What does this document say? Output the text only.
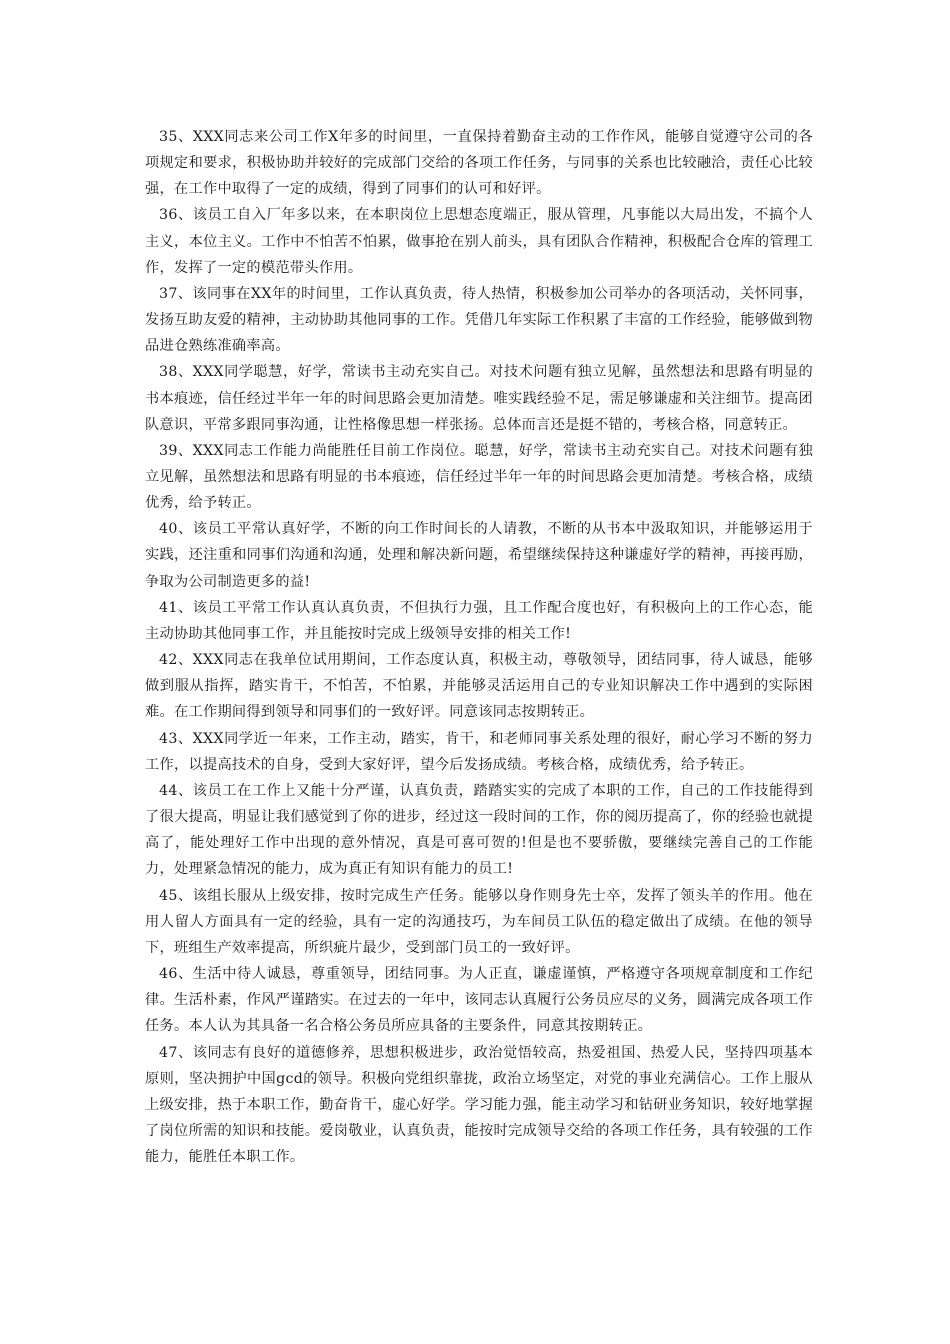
35、XXX同志来公司工作X年多的时间里，一直保持着勤奋主动的工作作风，能够自觉遵守公司的各项规定和要求，积极协助并较好的完成部门交给的各项工作任务，与同事的关系也比较融洽，责任心比较强，在工作中取得了一定的成绩，得到了同事们的认可和好评。

36、该员工自入厂年多以来，在本职岗位上思想态度端正，服从管理，凡事能以大局出发，不搞个人主义，本位主义。工作中不怕苦不怕累，做事抢在别人前头，具有团队合作精神，积极配合仓库的管理工作，发挥了一定的模范带头作用。

37、该同事在XX年的时间里，工作认真负责，待人热情，积极参加公司举办的各项活动，关怀同事，发扬互助友爱的精神，主动协助其他同事的工作。凭借几年实际工作积累了丰富的工作经验，能够做到物品进仓熟练准确率高。

38、XXX同学聪慧，好学，常读书主动充实自己。对技术问题有独立见解，虽然想法和思路有明显的书本痕迹，信任经过半年一年的时间思路会更加清楚。唯实践经验不足，需足够谦虚和关注细节。提高团队意识，平常多跟同事沟通，让性格像思想一样张扬。总体而言还是挺不错的，考核合格，同意转正。

39、XXX同志工作能力尚能胜任目前工作岗位。聪慧，好学，常读书主动充实自己。对技术问题有独立见解，虽然想法和思路有明显的书本痕迹，信任经过半年一年的时间思路会更加清楚。考核合格，成绩优秀，给予转正。

40、该员工平常认真好学，不断的向工作时间长的人请教，不断的从书本中汲取知识，并能够运用于实践，还注重和同事们沟通和沟通，处理和解决新问题，希望继续保持这种谦虚好学的精神，再接再励，争取为公司制造更多的益!

41、该员工平常工作认真认真负责，不但执行力强，且工作配合度也好，有积极向上的工作心态，能主动协助其他同事工作，并且能按时完成上级领导安排的相关工作!

42、XXX同志在我单位试用期间，工作态度认真，积极主动，尊敬领导，团结同事，待人诚恳，能够做到服从指挥，踏实肯干，不怕苦，不怕累，并能够灵活运用自己的专业知识解决工作中遇到的实际困难。在工作期间得到领导和同事们的一致好评。同意该同志按期转正。

43、XXX同学近一年来，工作主动，踏实，肯干，和老师同事关系处理的很好，耐心学习不断的努力工作，以提高技术的自身，受到大家好评，望今后发扬成绩。考核合格，成绩优秀，给予转正。

44、该员工在工作上又能十分严谨，认真负责，踏踏实实的完成了本职的工作，自己的工作技能得到了很大提高，明显让我们感觉到了你的进步，经过这一段时间的工作，你的阅历提高了，你的经验也就提高了，能处理好工作中出现的意外情况，真是可喜可贺的!但是也不要骄傲，要继续完善自己的工作能力，处理紧急情况的能力，成为真正有知识有能力的员工!

45、该组长服从上级安排，按时完成生产任务。能够以身作则身先士卒，发挥了领头羊的作用。他在用人留人方面具有一定的经验，具有一定的沟通技巧，为车间员工队伍的稳定做出了成绩。在他的领导下，班组生产效率提高，所织疵片最少，受到部门员工的一致好评。

46、生活中待人诚恳，尊重领导，团结同事。为人正直，谦虚谨慎，严格遵守各项规章制度和工作纪律。生活朴素，作风严谨踏实。在过去的一年中，该同志认真履行公务员应尽的义务，圆满完成各项工作任务。本人认为其具备一名合格公务员所应具备的主要条件，同意其按期转正。

47、该同志有良好的道德修养，思想积极进步，政治觉悟较高，热爱祖国、热爱人民，坚持四项基本原则，坚决拥护中国gcd的领导。积极向党组织靠拢，政治立场坚定，对党的事业充满信心。工作上服从上级安排，热于本职工作，勤奋肯干，虚心好学。学习能力强，能主动学习和钻研业务知识，较好地掌握了岗位所需的知识和技能。爱岗敬业，认真负责，能按时完成领导交给的各项工作任务，具有较强的工作能力，能胜任本职工作。
